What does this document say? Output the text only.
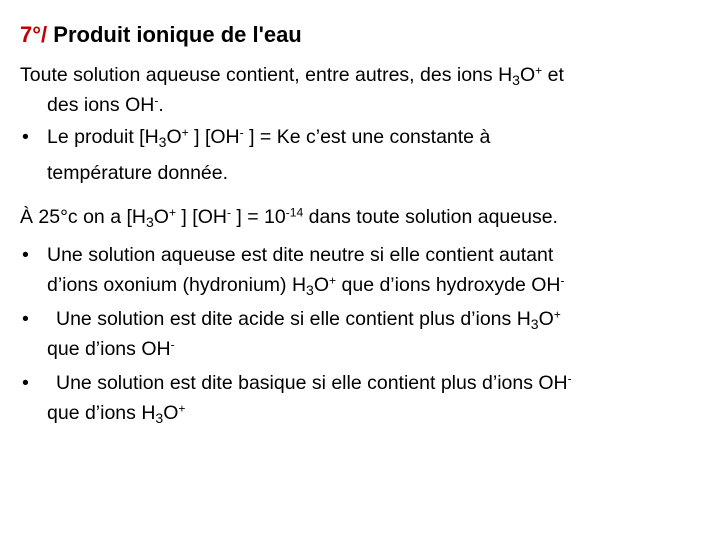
7°/ Produit ionique de l'eau
Toute solution aqueuse contient, entre autres, des ions $H_3O^+$ et
des ions OH-.
• Le produit [$H_3O^+$ ] [OH- ] = Ke c’est une constante à
température donnée.
À 25°c on a [$H_3O^+$ ] [OH- ] = $10^{-14}$ dans toute solution aqueuse.
• Une solution aqueuse est dite neutre si elle contient autant
d’ions oxonium (hydronium) $H_3O^+$ que d’ions hydroxyde OH-
• Une solution est dite acide si elle contient plus d’ions $H_3O^+$
que d’ions OH-
• Une solution est dite basique si elle contient plus d’ions OH-
que d’ions $H_3O^+$
